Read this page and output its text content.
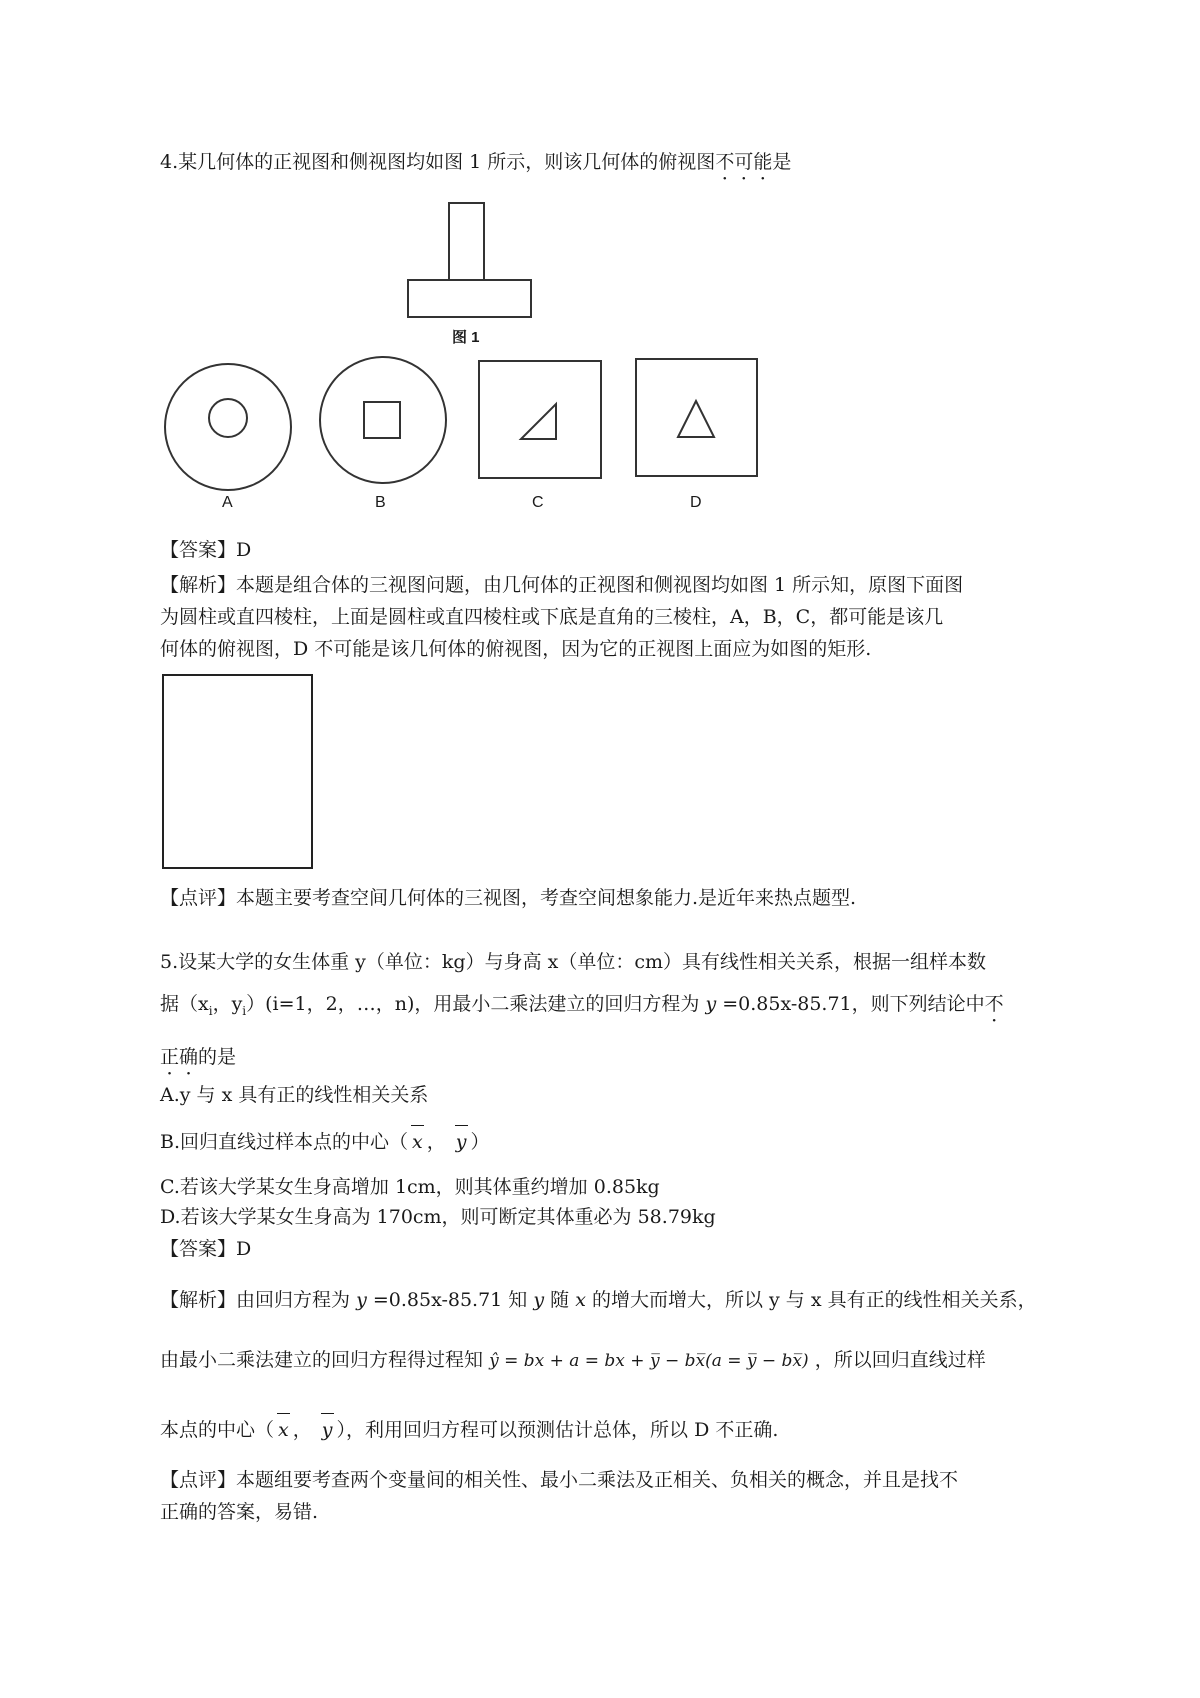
4.某几何体的正视图和侧视图均如图 1 所示，则该几何体的俯视图不可能是
图 1
A	B	C	D
【答案】D
【解析】本题是组合体的三视图问题，由几何体的正视图和侧视图均如图 1 所示知，原图下面图
为圆柱或直四棱柱，上面是圆柱或直四棱柱或下底是直角的三棱柱，A，B，C，都可能是该几
何体的俯视图，D 不可能是该几何体的俯视图，因为它的正视图上面应为如图的矩形.
【点评】本题主要考查空间几何体的三视图，考查空间想象能力.是近年来热点题型.
5.设某大学的女生体重 y（单位：kg）与身高 x（单位：cm）具有线性相关关系，根据一组样本数
据（$x_i$，$y_i)(i=1$，2，…，n)，用最小二乘法建立的回归方程为 y =0.85x-85.71，则下列结论中不
正确的是
A.y 与 x 具有正的线性相关关系
B.回归直线过样本点的中心（ x ， y ）
C.若该大学某女生身高增加 1cm，则其体重约增加 0.85kg
D.若该大学某女生身高为 170cm，则可断定其体重必为 58.79kg
【答案】D
【解析】由回归方程为 y =0.85x-85.71 知 y 随 x 的增大而增大，所以 y 与 x 具有正的线性相关关系，
由最小二乘法建立的回归方程得过程知 ŷ = bx + a = bx + y̅ − bx̅(a = y̅ − bx̅) ，所以回归直线过样
本点的中心（ x ， y ），利用回归方程可以预测估计总体，所以 D 不正确.
【点评】本题组要考查两个变量间的相关性、最小二乘法及正相关、负相关的概念，并且是找不
正确的答案，易错.
